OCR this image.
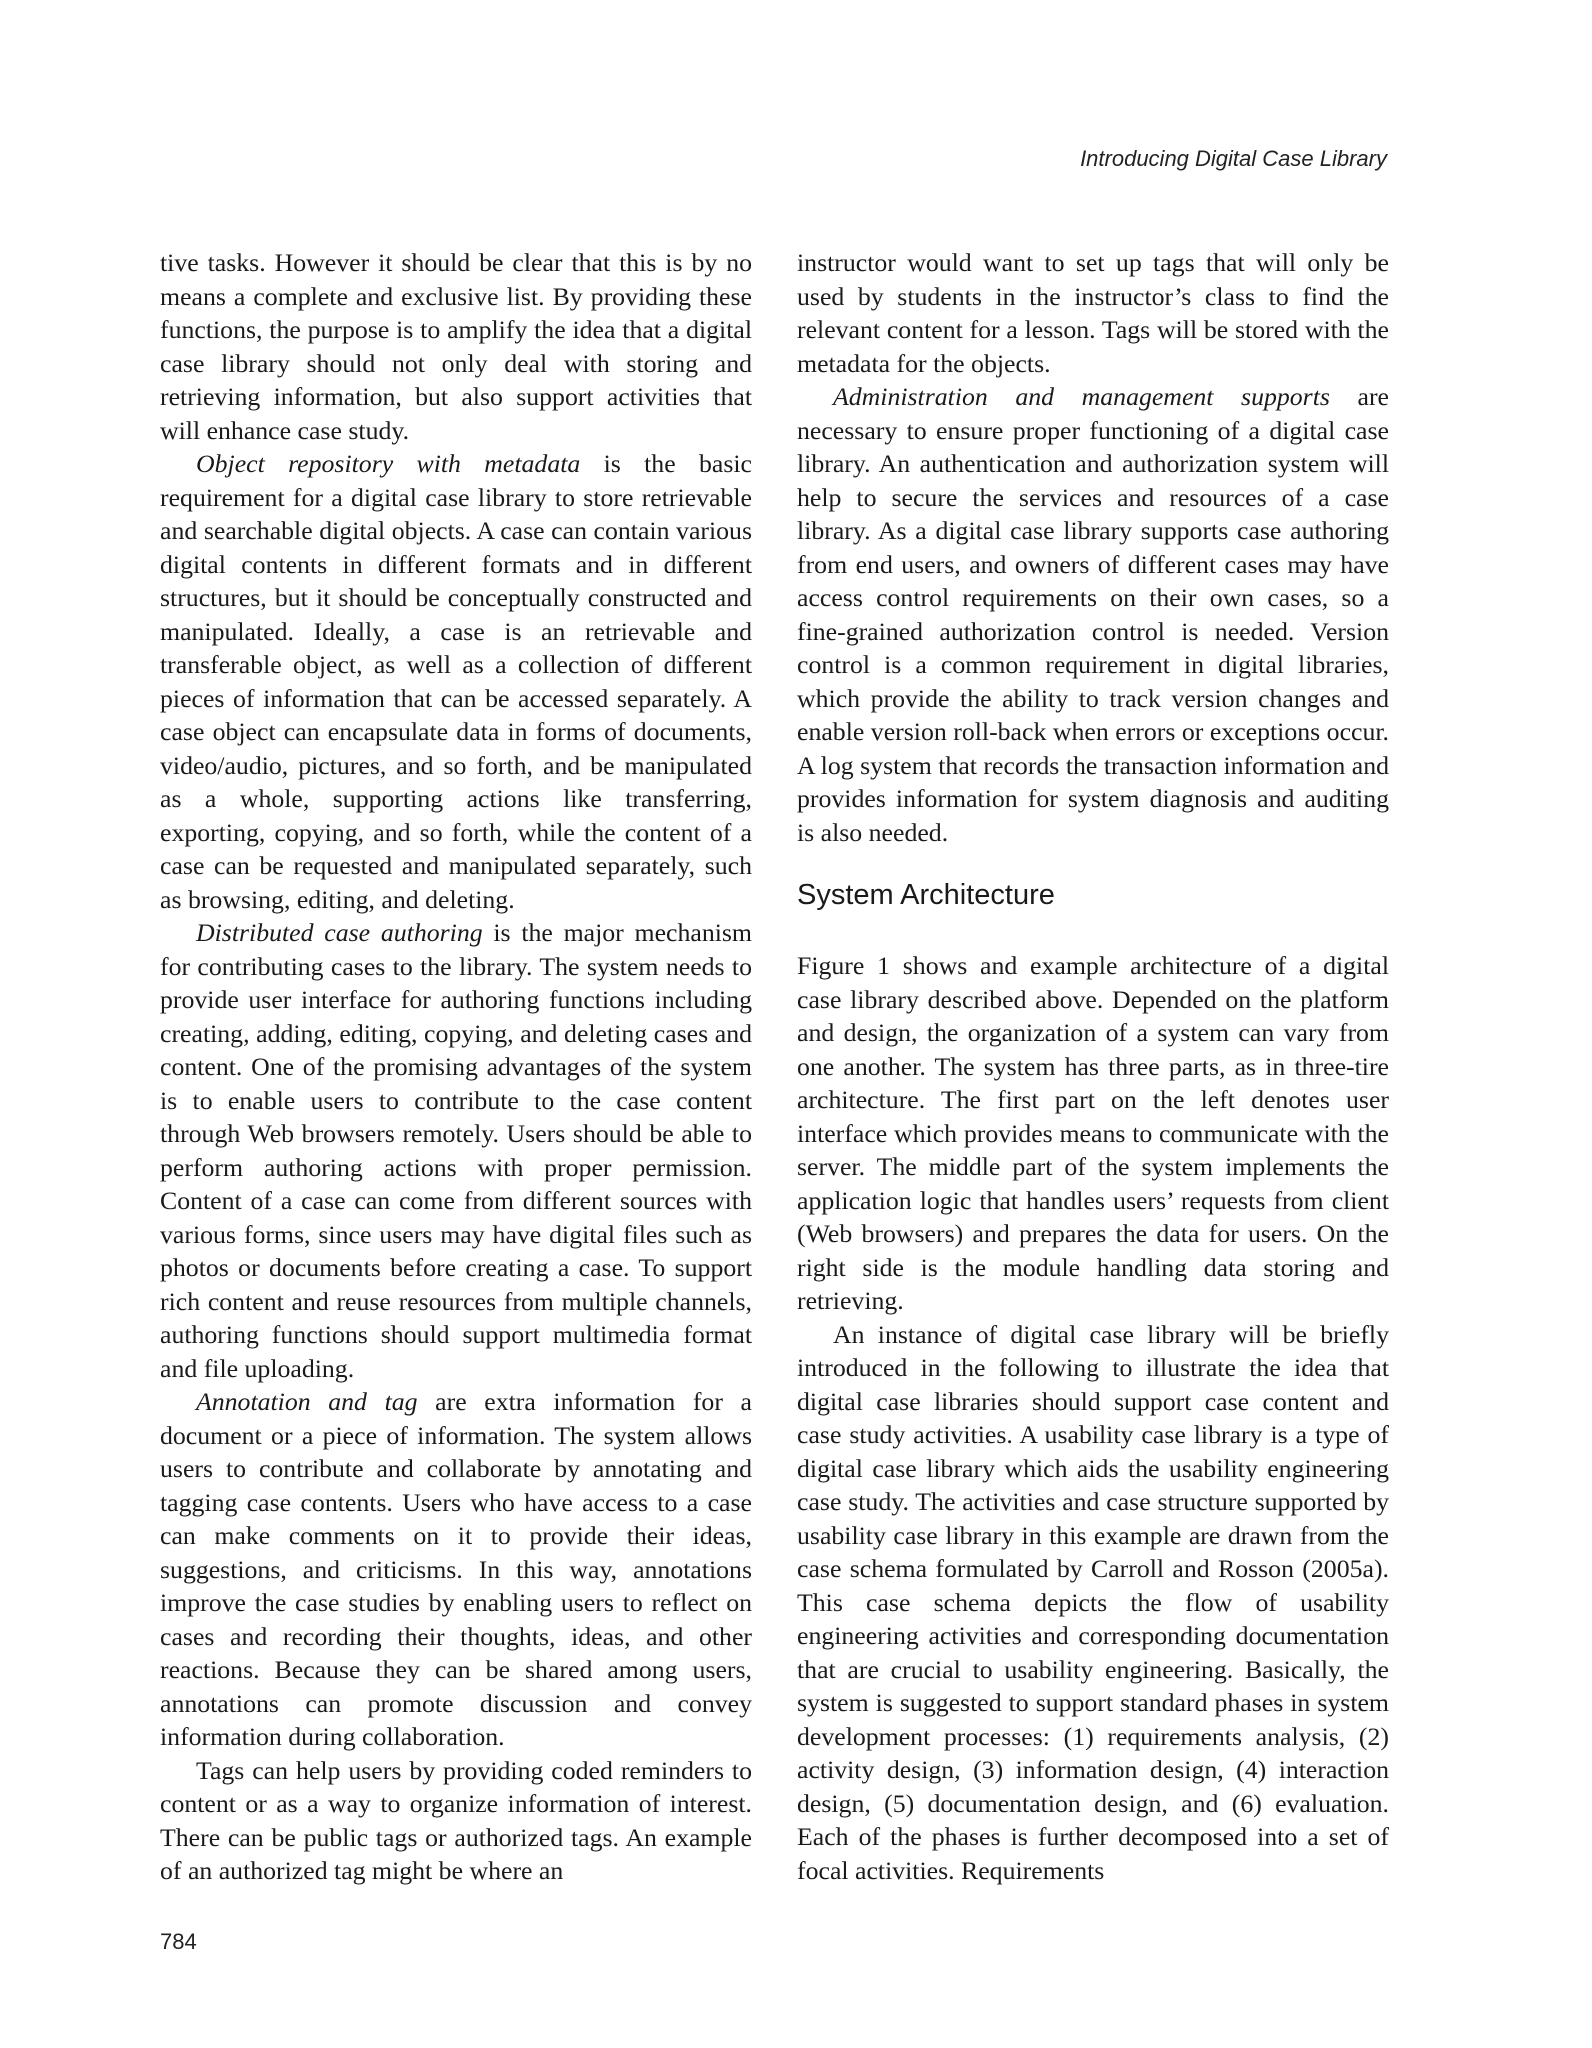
Introducing Digital Case Library

tive tasks. However it should be clear that this is by no means a complete and exclusive list. By providing these functions, the purpose is to amplify the idea that a digital case library should not only deal with storing and retrieving information, but also support activities that will enhance case study.

Object repository with metadata is the basic requirement for a digital case library to store retrievable and searchable digital objects. A case can contain various digital contents in different formats and in different structures, but it should be conceptually constructed and manipulated. Ideally, a case is an retrievable and transferable object, as well as a collection of different pieces of information that can be accessed separately. A case object can encapsulate data in forms of documents, video/audio, pictures, and so forth, and be manipulated as a whole, supporting actions like transferring, exporting, copying, and so forth, while the content of a case can be requested and manipulated separately, such as browsing, editing, and deleting.

Distributed case authoring is the major mechanism for contributing cases to the library. The system needs to provide user interface for authoring functions including creating, adding, editing, copying, and deleting cases and content. One of the promising advantages of the system is to enable users to contribute to the case content through Web browsers remotely. Users should be able to perform authoring actions with proper permission. Content of a case can come from different sources with various forms, since users may have digital files such as photos or documents before creating a case. To support rich content and reuse resources from multiple channels, authoring functions should support multimedia format and file uploading.

Annotation and tag are extra information for a document or a piece of information. The system allows users to contribute and collaborate by annotating and tagging case contents. Users who have access to a case can make comments on it to provide their ideas, suggestions, and criticisms. In this way, annotations improve the case studies by enabling users to reflect on cases and recording their thoughts, ideas, and other reactions. Because they can be shared among users, annotations can promote discussion and convey information during collaboration.

Tags can help users by providing coded reminders to content or as a way to organize information of interest. There can be public tags or authorized tags. An example of an authorized tag might be where an

instructor would want to set up tags that will only be used by students in the instructor’s class to find the relevant content for a lesson. Tags will be stored with the metadata for the objects.

Administration and management supports are necessary to ensure proper functioning of a digital case library. An authentication and authorization system will help to secure the services and resources of a case library. As a digital case library supports case authoring from end users, and owners of different cases may have access control requirements on their own cases, so a fine-grained authorization control is needed. Version control is a common requirement in digital libraries, which provide the ability to track version changes and enable version roll-back when errors or exceptions occur. A log system that records the transaction information and provides information for system diagnosis and auditing is also needed.

System Architecture

Figure 1 shows and example architecture of a digital case library described above. Depended on the platform and design, the organization of a system can vary from one another. The system has three parts, as in three-tire architecture. The first part on the left denotes user interface which provides means to communicate with the server. The middle part of the system implements the application logic that handles users’ requests from client (Web browsers) and prepares the data for users. On the right side is the module handling data storing and retrieving.

An instance of digital case library will be briefly introduced in the following to illustrate the idea that digital case libraries should support case content and case study activities. A usability case library is a type of digital case library which aids the usability engineering case study. The activities and case structure supported by usability case library in this example are drawn from the case schema formulated by Carroll and Rosson (2005a). This case schema depicts the flow of usability engineering activities and corresponding documentation that are crucial to usability engineering. Basically, the system is suggested to support standard phases in system development processes: (1) requirements analysis, (2) activity design, (3) information design, (4) interaction design, (5) documentation design, and (6) evaluation. Each of the phases is further decomposed into a set of focal activities. Requirements

784
